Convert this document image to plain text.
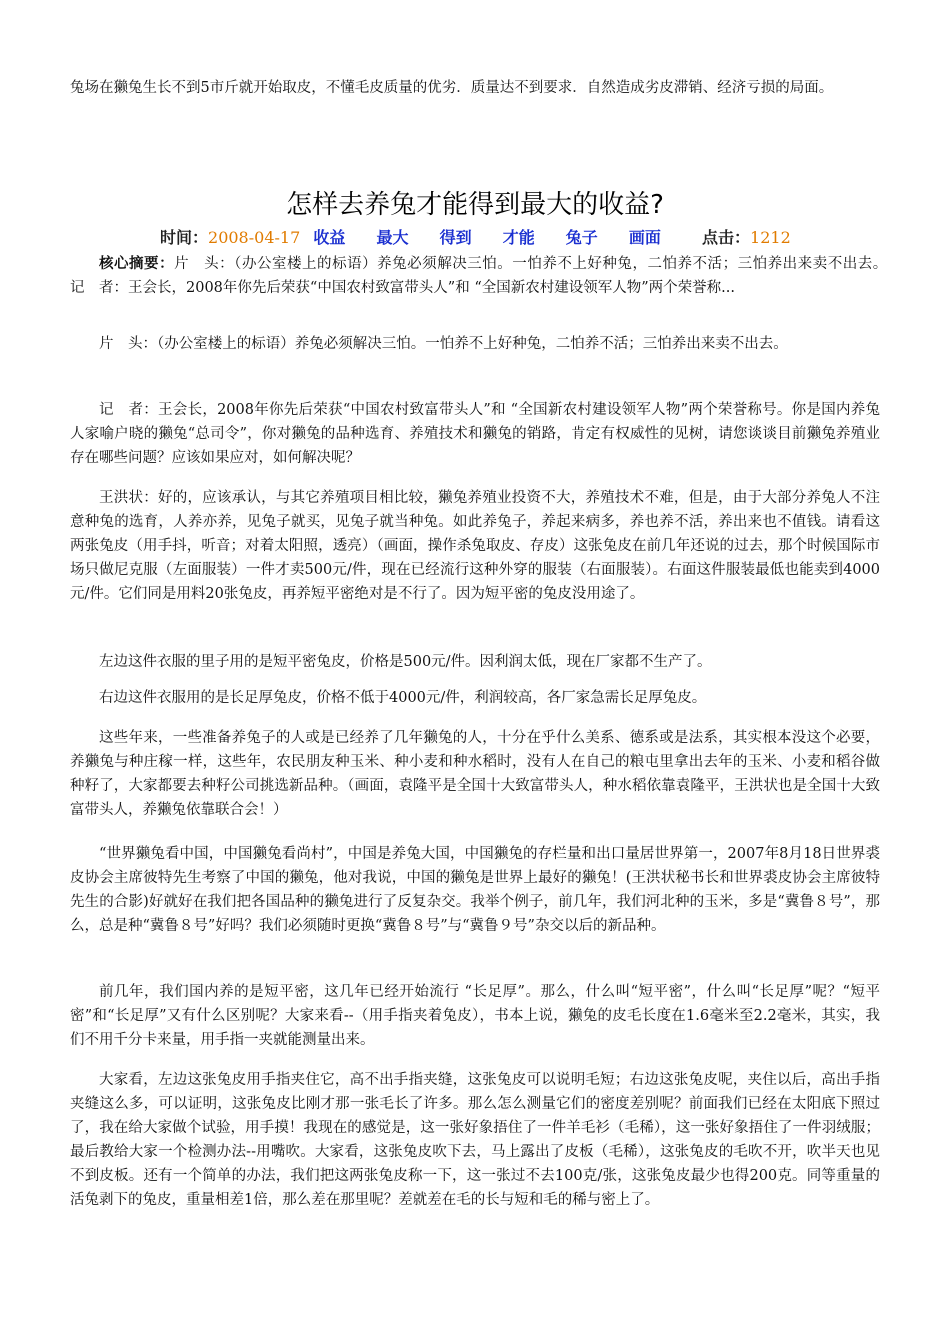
兔场在獭兔生长不到5市斤就开始取皮，不懂毛皮质量的优劣．质量达不到要求．自然造成劣皮滞销、经济亏损的局面。

怎样去养兔才能得到最大的收益?
时间：2008-04-17 收益 最大 得到 才能 兔子 画面	点击：1212

核心摘要：片　头：（办公室楼上的标语）养兔必须解决三怕。一怕养不上好种兔，二怕养不活；三怕养出来卖不出去。　　记　者：王会长，2008年你先后荣获“中国农村致富带头人”和 “全国新农村建设领军人物”两个荣誉称...

片　头：（办公室楼上的标语）养兔必须解决三怕。一怕养不上好种兔，二怕养不活；三怕养出来卖不出去。

记　者：王会长，2008年你先后荣获“中国农村致富带头人”和 “全国新农村建设领军人物”两个荣誉称号。你是国内养兔人家喻户晓的獭兔“总司令”，你对獭兔的品种选育、养殖技术和獭兔的销路，肯定有权威性的见树，请您谈谈目前獭兔养殖业存在哪些问题？应该如果应对，如何解决呢？

王洪状：好的，应该承认，与其它养殖项目相比较，獭兔养殖业投资不大，养殖技术不难，但是，由于大部分养兔人不注意种兔的选育，人养亦养，见兔子就买，见兔子就当种兔。如此养兔子，养起来病多，养也养不活，养出来也不值钱。请看这两张兔皮（用手抖，听音；对着太阳照，透亮）（画面，操作杀兔取皮、存皮）这张兔皮在前几年还说的过去，那个时候国际市场只做尼克服（左面服装）一件才卖500元/件，现在已经流行这种外穿的服装（右面服装）。右面这件服装最低也能卖到4000元/件。它们同是用料20张兔皮，再养短平密绝对是不行了。因为短平密的兔皮没用途了。

左边这件衣服的里子用的是短平密兔皮，价格是500元/件。因利润太低，现在厂家都不生产了。

右边这件衣服用的是长足厚兔皮，价格不低于4000元/件，利润较高，各厂家急需长足厚兔皮。

这些年来，一些准备养兔子的人或是已经养了几年獭兔的人，十分在乎什么美系、德系或是法系，其实根本没这个必要，养獭兔与种庄稼一样，这些年，农民朋友种玉米、种小麦和种水稻时，没有人在自己的粮屯里拿出去年的玉米、小麦和稻谷做种籽了，大家都要去种籽公司挑选新品种。（画面，袁隆平是全国十大致富带头人，种水稻依靠袁隆平，王洪状也是全国十大致富带头人，养獭兔依靠联合会！）

“世界獭兔看中国，中国獭兔看尚村”，中国是养兔大国，中国獭兔的存栏量和出口量居世界第一，2007年8月18日世界裘皮协会主席彼特先生考察了中国的獭兔，他对我说，中国的獭兔是世界上最好的獭兔！(王洪状秘书长和世界裘皮协会主席彼特先生的合影)好就好在我们把各国品种的獭兔进行了反复杂交。我举个例子，前几年，我们河北种的玉米，多是“冀鲁８号”，那么，总是种“冀鲁８号”好吗？我们必须随时更换“冀鲁８号”与“冀鲁９号”杂交以后的新品种。

前几年，我们国内养的是短平密，这几年已经开始流行 “长足厚”。那么，什么叫“短平密”，什么叫“长足厚”呢？“短平密”和“长足厚”又有什么区别呢？大家来看--（用手指夹着兔皮），书本上说，獭兔的皮毛长度在1.6毫米至2.2毫米，其实，我们不用千分卡来量，用手指一夹就能测量出来。

大家看，左边这张兔皮用手指夹住它，高不出手指夹缝，这张兔皮可以说明毛短；右边这张兔皮呢，夹住以后，高出手指夹缝这么多，可以证明，这张兔皮比刚才那一张毛长了许多。那么怎么测量它们的密度差别呢？前面我们已经在太阳底下照过了，我在给大家做个试验，用手摸！我现在的感觉是，这一张好象捂住了一件羊毛衫（毛稀），这一张好象捂住了一件羽绒服；最后教给大家一个检测办法--用嘴吹。大家看，这张兔皮吹下去，马上露出了皮板（毛稀），这张兔皮的毛吹不开，吹半天也见不到皮板。还有一个简单的办法，我们把这两张兔皮称一下，这一张过不去100克/张，这张兔皮最少也得200克。同等重量的活兔剥下的兔皮，重量相差1倍，那么差在那里呢？差就差在毛的长与短和毛的稀与密上了。
